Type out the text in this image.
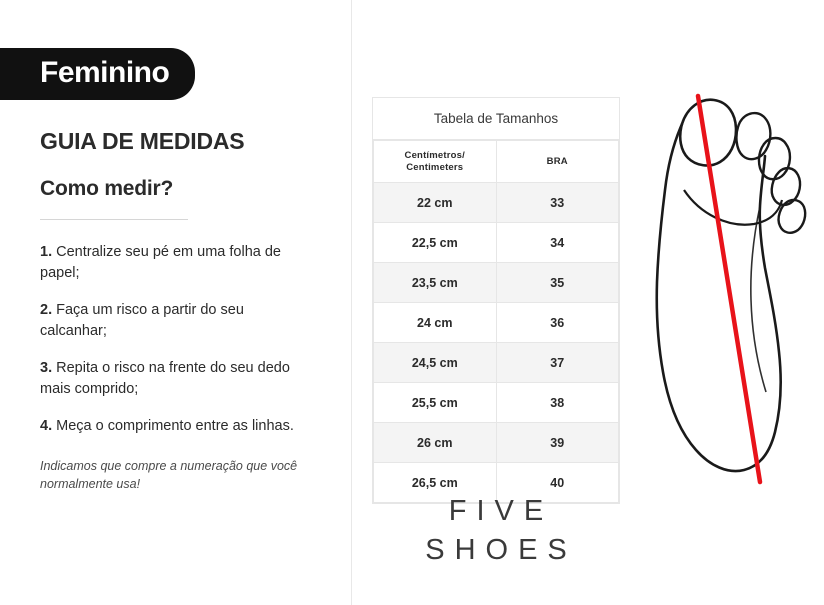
Feminino
GUIA DE MEDIDAS
Como medir?
1. Centralize seu pé em uma folha de papel;
2. Faça um risco a partir do seu calcanhar;
3. Repita o risco na frente do seu dedo mais comprido;
4. Meça o comprimento entre as linhas.
Indicamos que compre a numeração que você normalmente usa!
Tabela de Tamanhos
Centímetros/
Centimeters	BRA
22 cm	33
22,5 cm	34
23,5 cm	35
24 cm	36
24,5 cm	37
25,5 cm	38
26 cm	39
26,5 cm	40
FIVE
SHOES
